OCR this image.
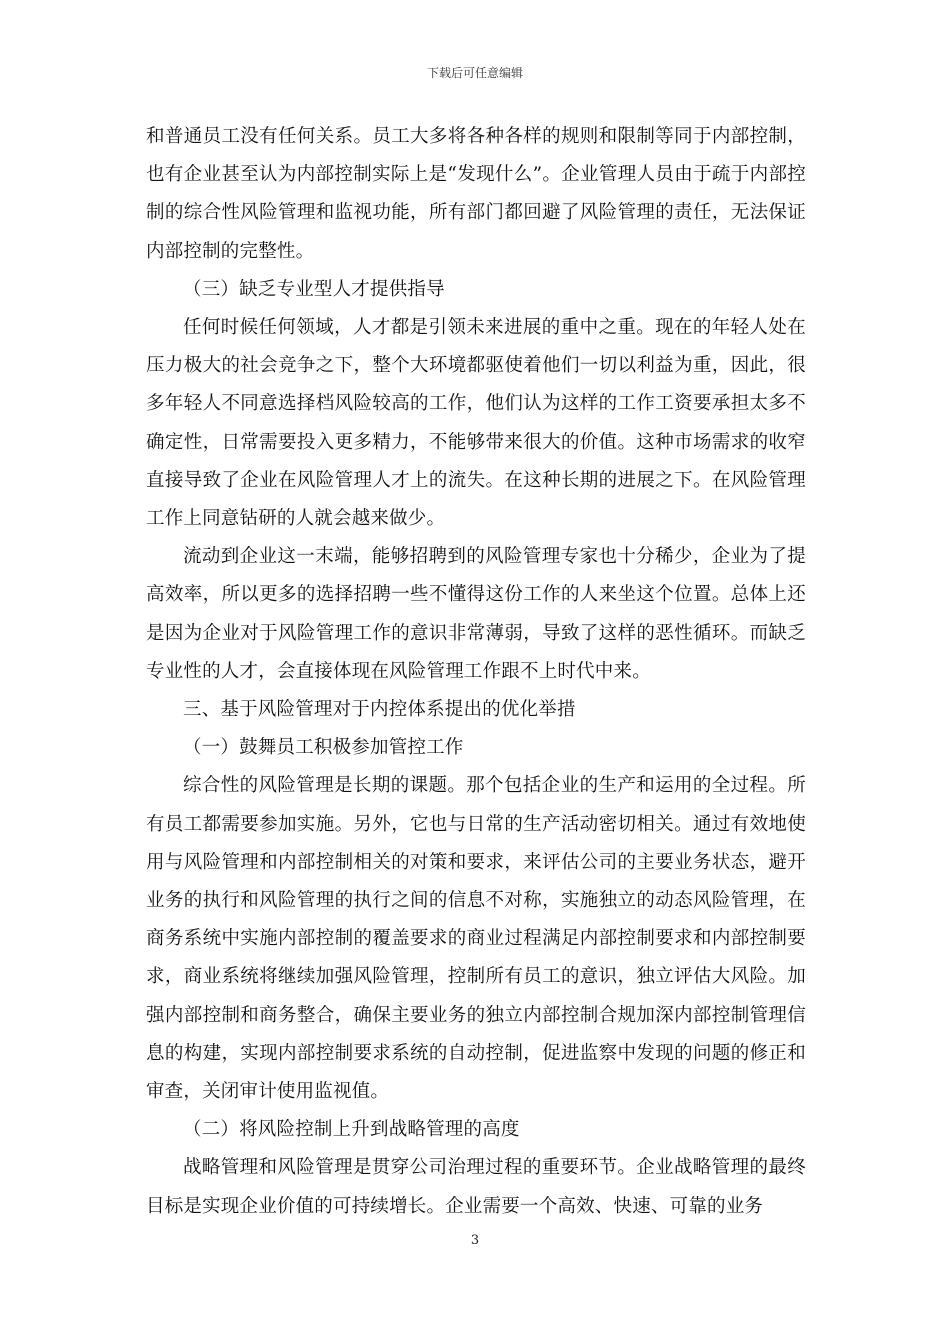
下载后可任意编辑

和普通员工没有任何关系。员工大多将各种各样的规则和限制等同于内部控制，也有企业甚至认为内部控制实际上是“发现什么”。企业管理人员由于疏于内部控制的综合性风险管理和监视功能，所有部门都回避了风险管理的责任，无法保证内部控制的完整性。

（三）缺乏专业型人才提供指导

任何时候任何领域，人才都是引领未来进展的重中之重。现在的年轻人处在压力极大的社会竞争之下，整个大环境都驱使着他们一切以利益为重，因此，很多年轻人不同意选择档风险较高的工作，他们认为这样的工作工资要承担太多不确定性，日常需要投入更多精力，不能够带来很大的价值。这种市场需求的收窄直接导致了企业在风险管理人才上的流失。在这种长期的进展之下。在风险管理工作上同意钻研的人就会越来做少。

流动到企业这一末端，能够招聘到的风险管理专家也十分稀少，企业为了提高效率，所以更多的选择招聘一些不懂得这份工作的人来坐这个位置。总体上还是因为企业对于风险管理工作的意识非常薄弱，导致了这样的恶性循环。而缺乏专业性的人才，会直接体现在风险管理工作跟不上时代中来。

三、基于风险管理对于内控体系提出的优化举措

（一）鼓舞员工积极参加管控工作

综合性的风险管理是长期的课题。那个包括企业的生产和运用的全过程。所有员工都需要参加实施。另外，它也与日常的生产活动密切相关。通过有效地使用与风险管理和内部控制相关的对策和要求，来评估公司的主要业务状态，避开业务的执行和风险管理的执行之间的信息不对称，实施独立的动态风险管理，在商务系统中实施内部控制的覆盖要求的商业过程满足内部控制要求和内部控制要求，商业系统将继续加强风险管理，控制所有员工的意识，独立评估大风险。加强内部控制和商务整合，确保主要业务的独立内部控制合规加深内部控制管理信息的构建，实现内部控制要求系统的自动控制，促进监察中发现的问题的修正和审查，关闭审计使用监视值。

（二）将风险控制上升到战略管理的高度

战略管理和风险管理是贯穿公司治理过程的重要环节。企业战略管理的最终目标是实现企业价值的可持续增长。企业需要一个高效、快速、可靠的业务

3
